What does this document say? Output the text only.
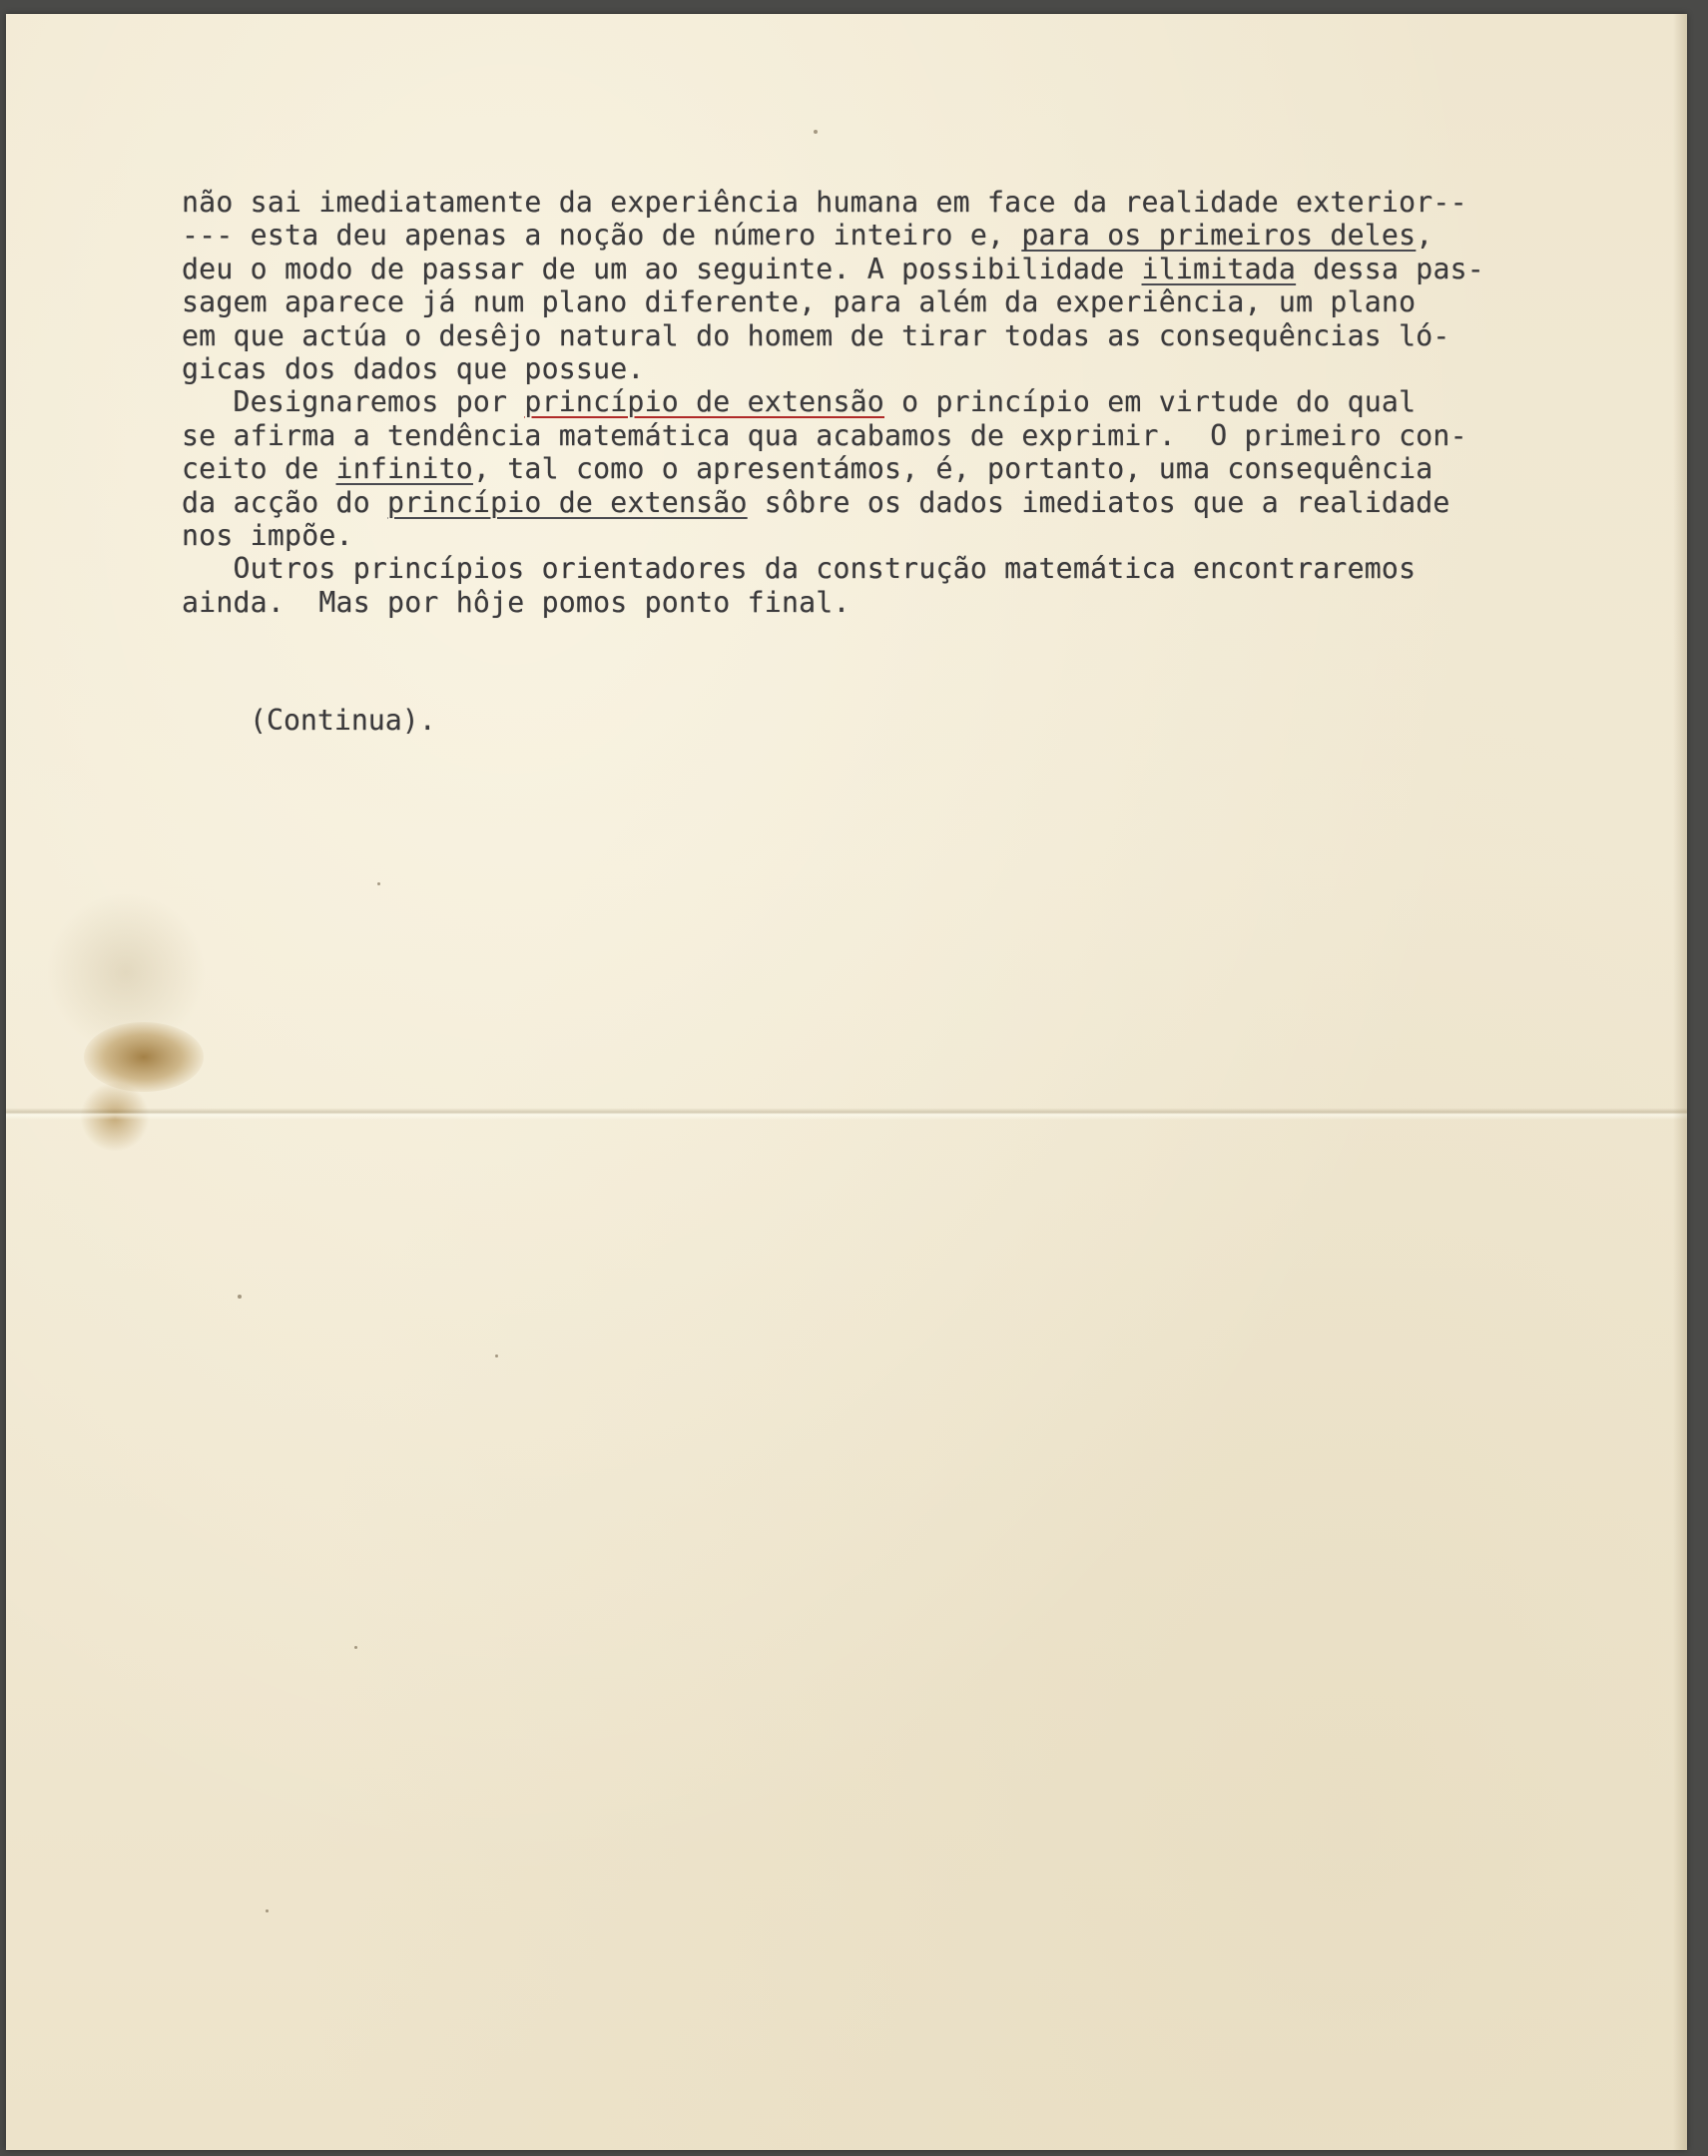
não sai imediatamente da experiência humana em face da realidade exterior--
--- esta deu apenas a noção de número inteiro e, para os primeiros deles,
deu o modo de passar de um ao seguinte. A possibilidade ilimitada dessa pas-
sagem aparece já num plano diferente, para além da experiência, um plano
em que actúa o desêjo natural do homem de tirar todas as consequências ló-
gicas dos dados que possue.
Designaremos por princípio de extensão o princípio em virtude do qual
se afirma a tendência matemática qua acabamos de exprimir.  O primeiro con-
ceito de infinito, tal como o apresentámos, é, portanto, uma consequência
da acção do princípio de extensão sôbre os dados imediatos que a realidade
nos impõe.
Outros princípios orientadores da construção matemática encontraremos
ainda.  Mas por hôje pomos ponto final.
(Continua).
